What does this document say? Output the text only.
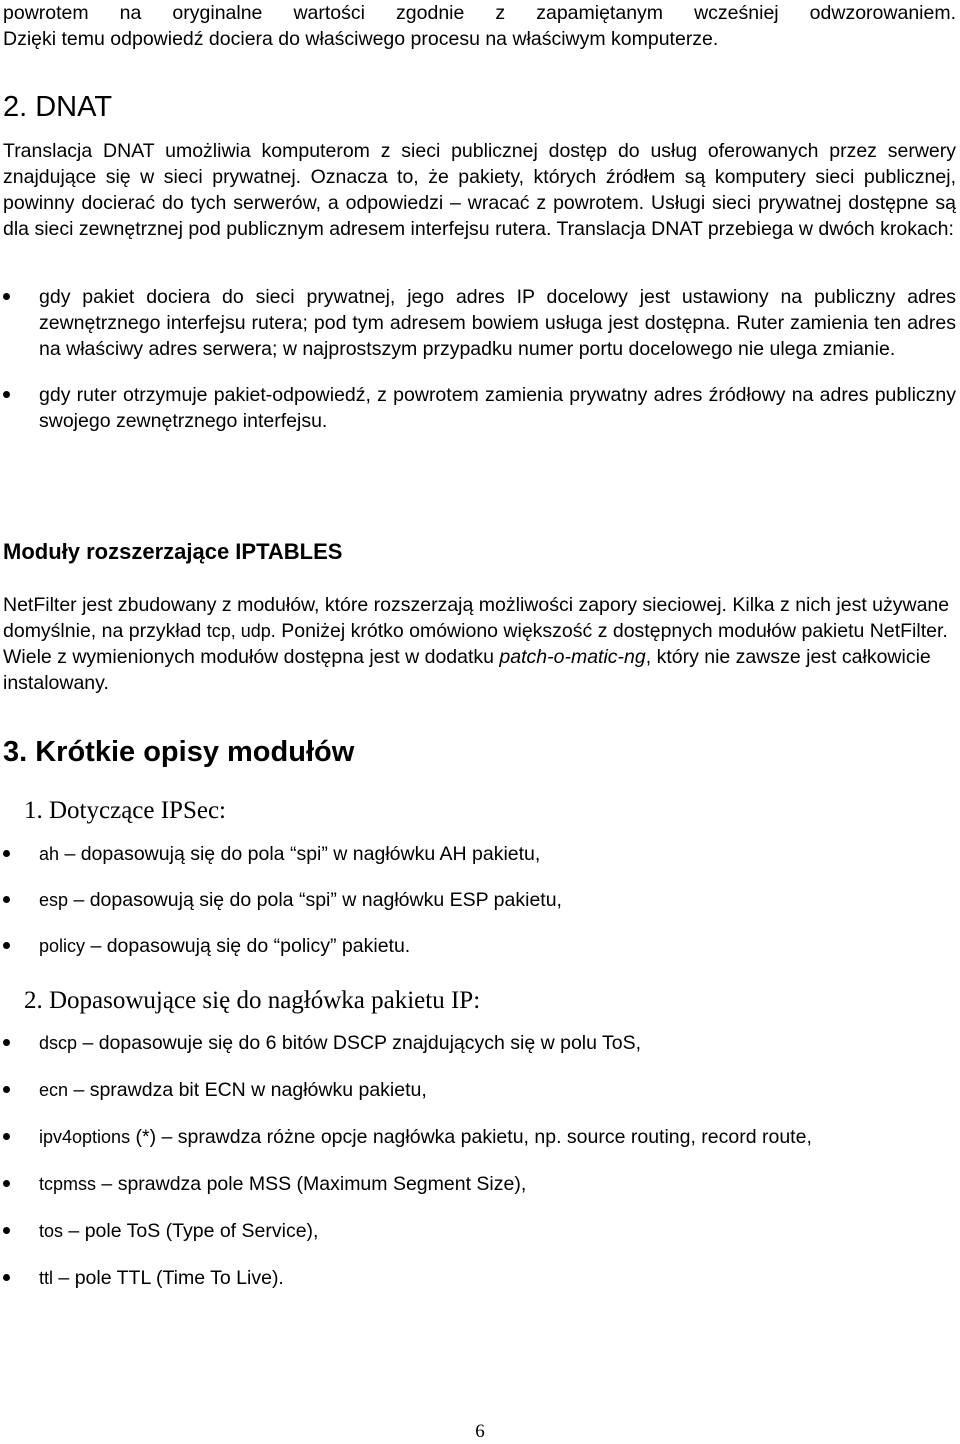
powrotem na oryginalne wartości zgodnie z zapamiętanym wcześniej odwzorowaniem.

Dzięki temu odpowiedź dociera do właściwego procesu na właściwym komputerze.

2. DNAT

Translacja DNAT umożliwia komputerom z sieci publicznej dostęp do usług oferowanych przez serwery znajdujące się w sieci prywatnej. Oznacza to, że pakiety, których źródłem są komputery sieci publicznej, powinny docierać do tych serwerów, a odpowiedzi – wracać z powrotem. Usługi sieci prywatnej dostępne są dla sieci zewnętrznej pod publicznym adresem interfejsu rutera. Translacja DNAT przebiega w dwóch krokach:

gdy pakiet dociera do sieci prywatnej, jego adres IP docelowy jest ustawiony na publiczny adres zewnętrznego interfejsu rutera; pod tym adresem bowiem usługa jest dostępna. Ruter zamienia ten adres na właściwy adres serwera; w najprostszym przypadku numer portu docelowego nie ulega zmianie.
gdy ruter otrzymuje pakiet-odpowiedź, z powrotem zamienia prywatny adres źródłowy na adres publiczny swojego zewnętrznego interfejsu.
Moduły rozszerzające IPTABLES

NetFilter jest zbudowany z modułów, które rozszerzają możliwości zapory sieciowej. Kilka z nich jest używane domyślnie, na przykład tcp, udp. Poniżej krótko omówiono większość z dostępnych modułów pakietu NetFilter. Wiele z wymienionych modułów dostępna jest w dodatku patch-o-matic-ng, który nie zawsze jest całkowicie instalowany.

3. Krótkie opisy modułów
1. Dotyczące IPSec:
ah – dopasowują się do pola “spi” w nagłówku AH pakietu,
esp – dopasowują się do pola “spi” w nagłówku ESP pakietu,
policy – dopasowują się do “policy” pakietu.
2. Dopasowujące się do nagłówka pakietu IP:
dscp – dopasowuje się do 6 bitów DSCP znajdujących się w polu ToS,
ecn – sprawdza bit ECN w nagłówku pakietu,
ipv4options (*) – sprawdza różne opcje nagłówka pakietu, np. source routing, record route,
tcpmss – sprawdza pole MSS (Maximum Segment Size),
tos – pole ToS (Type of Service),
ttl – pole TTL (Time To Live).
6
